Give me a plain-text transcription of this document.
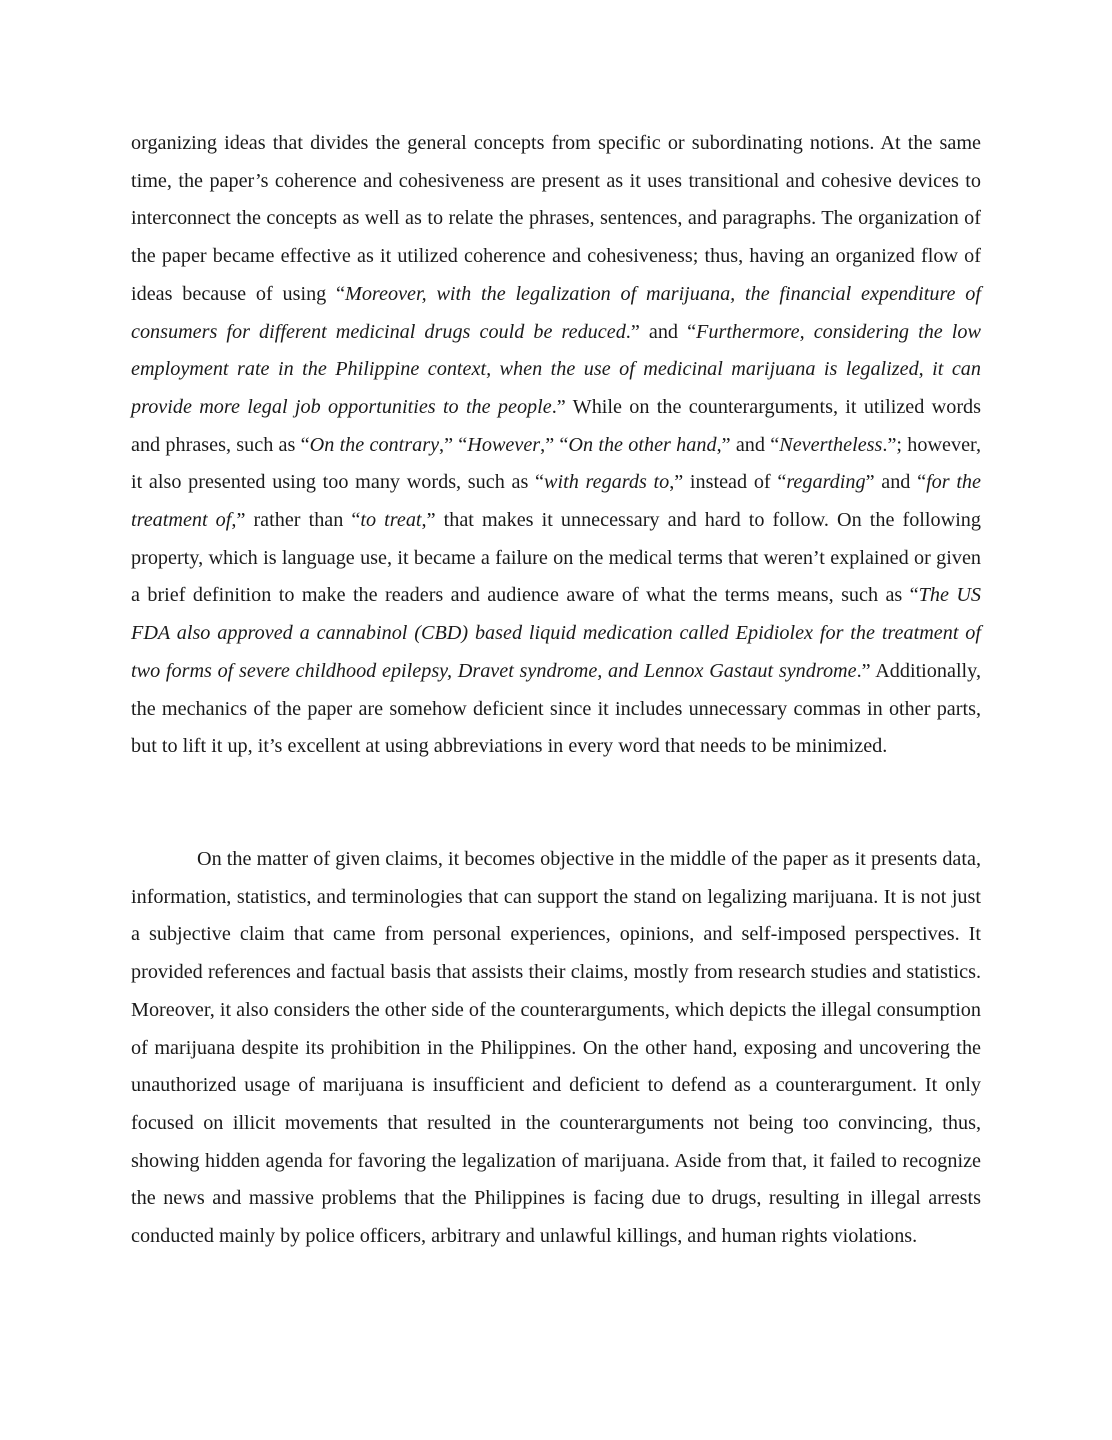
organizing ideas that divides the general concepts from specific or subordinating notions. At the same time, the paper’s coherence and cohesiveness are present as it uses transitional and cohesive devices to interconnect the concepts as well as to relate the phrases, sentences, and paragraphs. The organization of the paper became effective as it utilized coherence and cohesiveness; thus, having an organized flow of ideas because of using “Moreover, with the legalization of marijuana, the financial expenditure of consumers for different medicinal drugs could be reduced.” and “Furthermore, considering the low employment rate in the Philippine context, when the use of medicinal marijuana is legalized, it can provide more legal job opportunities to the people.” While on the counterarguments, it utilized words and phrases, such as “On the contrary,” “However,” “On the other hand,” and “Nevertheless.”; however, it also presented using too many words, such as “with regards to,” instead of “regarding” and “for the treatment of,” rather than “to treat,” that makes it unnecessary and hard to follow. On the following property, which is language use, it became a failure on the medical terms that weren’t explained or given a brief definition to make the readers and audience aware of what the terms means, such as “The US FDA also approved a cannabinol (CBD) based liquid medication called Epidiolex for the treatment of two forms of severe childhood epilepsy, Dravet syndrome, and Lennox Gastaut syndrome.” Additionally, the mechanics of the paper are somehow deficient since it includes unnecessary commas in other parts, but to lift it up, it’s excellent at using abbreviations in every word that needs to be minimized.

On the matter of given claims, it becomes objective in the middle of the paper as it presents data, information, statistics, and terminologies that can support the stand on legalizing marijuana. It is not just a subjective claim that came from personal experiences, opinions, and self-imposed perspectives. It provided references and factual basis that assists their claims, mostly from research studies and statistics. Moreover, it also considers the other side of the counterarguments, which depicts the illegal consumption of marijuana despite its prohibition in the Philippines. On the other hand, exposing and uncovering the unauthorized usage of marijuana is insufficient and deficient to defend as a counterargument. It only focused on illicit movements that resulted in the counterarguments not being too convincing, thus, showing hidden agenda for favoring the legalization of marijuana. Aside from that, it failed to recognize the news and massive problems that the Philippines is facing due to drugs, resulting in illegal arrests conducted mainly by police officers, arbitrary and unlawful killings, and human rights violations.
